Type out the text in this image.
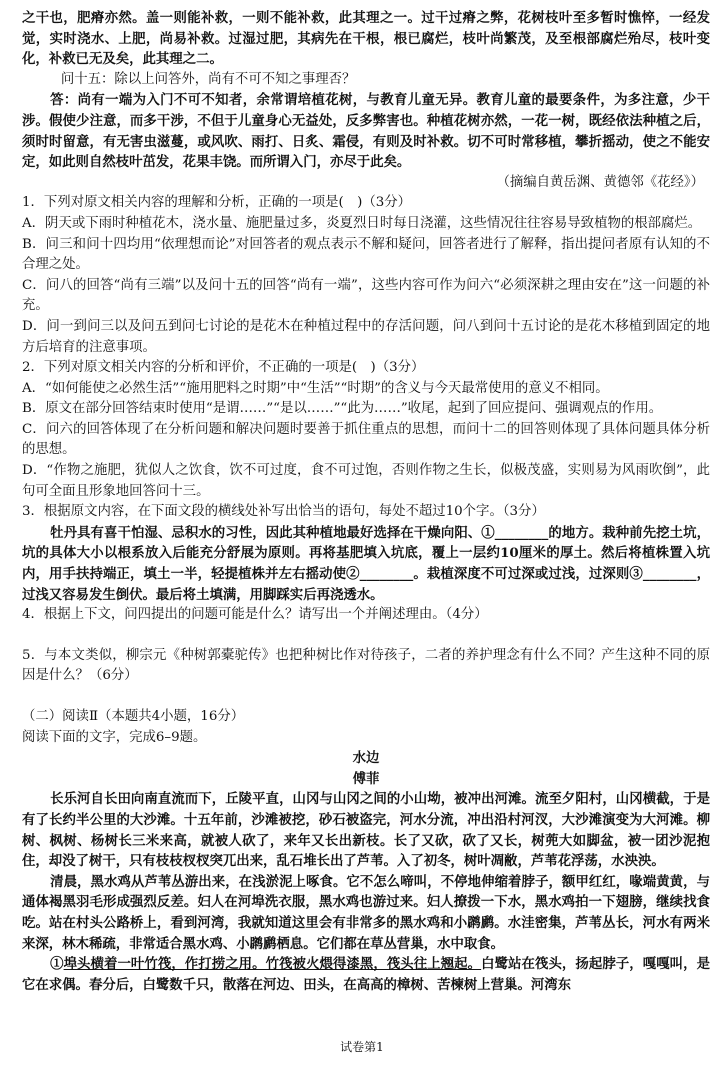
之干也，肥瘠亦然。盖一则能补救，一则不能补救，此其理之一。过干过瘠之弊，花树枝叶至多暂时憔悴，一经发觉，实时浇水、上肥，尚易补救。过湿过肥，其病先在干根，根已腐烂，枝叶尚繁茂，及至根部腐烂殆尽，枝叶变化，补救已无及矣，此其理之二。

问十五：除以上问答外，尚有不可不知之事理否？

答：尚有一端为入门不可不知者，余常谓培植花树，与教育儿童无异。教育儿童的最要条件，为多注意，少干涉。假使少注意，而多干涉，不但于儿童身心无益处，反多弊害也。种植花树亦然，一花一树，既经依法种植之后，须时时留意，有无害虫滋蔓，或风吹、雨打、日炙、霜侵，有则及时补救。切不可时常移植，攀折摇动，使之不能安定，如此则自然枝叶茁发，花果丰饶。而所谓入门，亦尽于此矣。

（摘编自黄岳渊、黄德邻《花经》）

1．下列对原文相关内容的理解和分析，正确的一项是(　)（3分）

A．阴天或下雨时种植花木，浇水量、施肥量过多，炎夏烈日时每日浇灌，这些情况往往容易导致植物的根部腐烂。

B．问三和问十四均用“依理想而论”对回答者的观点表示不解和疑问，回答者进行了解释，指出提问者原有认知的不合理之处。

C．问八的回答“尚有三端”以及问十五的回答“尚有一端”，这些内容可作为问六“必须深耕之理由安在”这一问题的补充。

D．问一到问三以及问五到问七讨论的是花木在种植过程中的存活问题，问八到问十五讨论的是花木移植到固定的地方后培育的注意事项。

2．下列对原文相关内容的分析和评价，不正确的一项是(　)（3分）

A．“如何能使之必然生活”“施用肥料之时期”中“生活”“时期”的含义与今天最常使用的意义不相同。

B．原文在部分回答结束时使用“是谓……”“是以……”“此为……”收尾，起到了回应提问、强调观点的作用。

C．问六的回答体现了在分析问题和解决问题时要善于抓住重点的思想，而问十二的回答则体现了具体问题具体分析的思想。

D．“作物之施肥，犹似人之饮食，饮不可过度，食不可过饱，否则作物之生长，似极茂盛，实则易为风雨吹倒”，此句可全面且形象地回答问十三。

3．根据原文内容，在下面文段的横线处补写出恰当的语句，每处不超过10个字。（3分）

牡丹具有喜干怕湿、忌积水的习性，因此其种植地最好选择在干燥向阳、①________的地方。栽种前先挖土坑，坑的具体大小以根系放入后能充分舒展为原则。再将基肥填入坑底，覆上一层约10厘米的厚土。然后将植株置入坑内，用手扶持端正，填土一半，轻提植株并左右摇动使②________。栽植深度不可过深或过浅，过深则③________，过浅又容易发生倒伏。最后将土填满，用脚踩实后再浇透水。

4．根据上下文，问四提出的问题可能是什么？请写出一个并阐述理由。（4分）

5．与本文类似，柳宗元《种树郭橐驼传》也把种树比作对待孩子，二者的养护理念有什么不同？产生这种不同的原因是什么？（6分）

（二）阅读Ⅱ（本题共4小题，16分）

阅读下面的文字，完成6–9题。

水边

傅菲

长乐河自长田向南直流而下，丘陵平直，山冈与山冈之间的小山坳，被冲出河滩。流至夕阳村，山冈横截，于是有了长约半公里的大沙滩。十五年前，沙滩被挖，砂石被盗完，河水分流，冲出沿村河汊，大沙滩演变为大河滩。柳树、枫树、杨树长三米来高，就被人砍了，来年又长出新枝。长了又砍，砍了又长，树蔸大如脚盆，被一团沙泥抱住，却没了树干，只有枝枝杈杈突兀出来，乱石堆长出了芦苇。入了初冬，树叶凋敝，芦苇花浮荡，水泱泱。

清晨，黑水鸡从芦苇丛游出来，在浅淤泥上啄食。它不怎么啼叫，不停地伸缩着脖子，额甲红红，喙端黄黄，与通体褐黑羽毛形成强烈反差。妇人在河埠洗衣服，黑水鸡也游过来。妇人撩拨一下水，黑水鸡拍一下翅膀，继续找食吃。站在村头公路桥上，看到河湾，我就知道这里会有非常多的黑水鸡和小䴙䴘。水洼密集，芦苇丛长，河水有两米来深，林木稀疏，非常适合黑水鸡、小䴙䴘栖息。它们都在草丛营巢，水中取食。

①埠头横着一叶竹筏，作打捞之用。竹筏被火煨得漆黑，筏头往上翘起。白鹭站在筏头，扬起脖子，嘎嘎叫，是它在求偶。春分后，白鹭数千只，散落在河边、田头，在高高的樟树、苦楝树上营巢。河湾东

试卷第1
